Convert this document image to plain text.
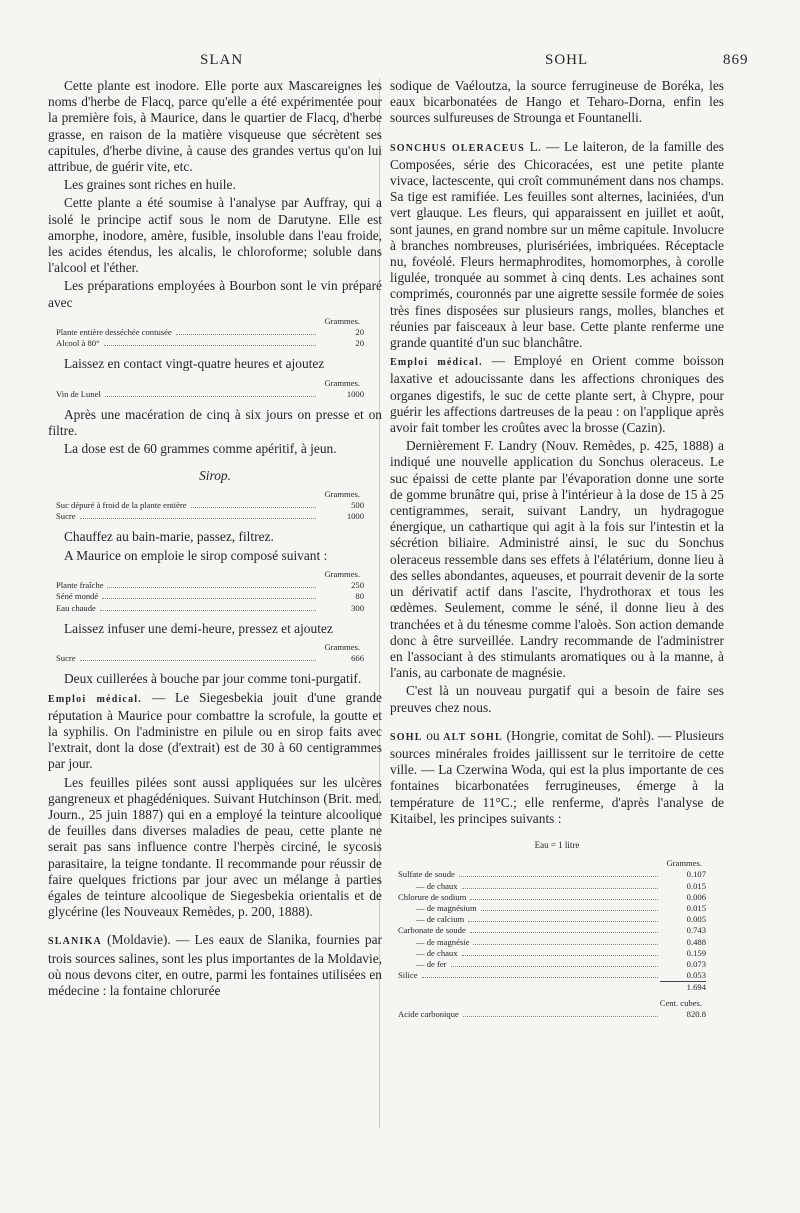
SLAN	SOHL	869

Cette plante est inodore. Elle porte aux Mascareignes les noms d'herbe de Flacq, parce qu'elle a été expérimentée pour la première fois, à Maurice, dans le quartier de Flacq, d'herbe grasse, en raison de la matière visqueuse que sécrètent ses capitules, d'herbe divine, à cause des grandes vertus qu'on lui attribue, de guérir vite, etc.

Les graines sont riches en huile.

Cette plante a été soumise à l'analyse par Auffray, qui a isolé le principe actif sous le nom de Darutyne. Elle est amorphe, inodore, amère, fusible, insoluble dans l'eau froide, les acides étendus, les alcalis, le chloroforme; soluble dans l'alcool et l'éther.

Les préparations employées à Bourbon sont le vin préparé avec

Grammes.
Plante entière desséchée contusée	20
Alcool à 80°	20

Laissez en contact vingt-quatre heures et ajoutez

Grammes.
Vin de Lunel	1000

Après une macération de cinq à six jours on presse et on filtre.

La dose est de 60 grammes comme apéritif, à jeun.

Sirop.

Grammes.
Suc dépuré à froid de la plante entière	500
Sucre	1000

Chauffez au bain-marie, passez, filtrez.

A Maurice on emploie le sirop composé suivant :

Grammes.
Plante fraîche	250
Séné mondé	80
Eau chaude	300

Laissez infuser une demi-heure, pressez et ajoutez

Grammes.
Sucre	666

Deux cuillerées à bouche par jour comme toni-purgatif.

Emploi médical. — Le Siegesbekia jouit d'une grande réputation à Maurice pour combattre la scrofule, la goutte et la syphilis. On l'administre en pilule ou en sirop faits avec l'extrait, dont la dose (d'extrait) est de 30 à 60 centigrammes par jour.

Les feuilles pilées sont aussi appliquées sur les ulcères gangreneux et phagédéniques. Suivant Hutchinson (Brit. med. Journ., 25 juin 1887) qui en a employé la teinture alcoolique de feuilles dans diverses maladies de peau, cette plante ne serait pas sans influence contre l'herpès circiné, le sycosis parasitaire, la teigne tondante. Il recommande pour réussir de faire quelques frictions par jour avec un mélange à parties égales de teinture alcoolique de Siegesbekia orientalis et de glycérine (les Nouveaux Remèdes, p. 200, 1888).

SLANIKA (Moldavie). — Les eaux de Slanika, fournies par trois sources salines, sont les plus importantes de la Moldavie, où nous devons citer, en outre, parmi les fontaines utilisées en médecine : la fontaine chlorurée

sodique de Vaéloutza, la source ferrugineuse de Boréka, les eaux bicarbonatées de Hango et Teharo-Dorna, enfin les sources sulfureuses de Strounga et Fountanelli.

SONCHUS OLERACEUS L. — Le laiteron, de la famille des Composées, série des Chicoracées, est une petite plante vivace, lactescente, qui croît communément dans nos champs. Sa tige est ramifiée. Les feuilles sont alternes, laciniées, d'un vert glauque. Les fleurs, qui apparaissent en juillet et août, sont jaunes, en grand nombre sur un même capitule. Involucre à branches nombreuses, plurisériées, imbriquées. Réceptacle nu, fovéolé. Fleurs hermaphrodites, homomorphes, à corolle ligulée, tronquée au sommet à cinq dents. Les achaines sont comprimés, couronnés par une aigrette sessile formée de soies très fines disposées sur plusieurs rangs, molles, blanches et réunies par faisceaux à leur base. Cette plante renferme une grande quantité d'un suc blanchâtre.

Emploi médical. — Employé en Orient comme boisson laxative et adoucissante dans les affections chroniques des organes digestifs, le suc de cette plante sert, à Chypre, pour guérir les affections dartreuses de la peau : on l'applique après avoir fait tomber les croûtes avec la brosse (Cazin).

Dernièrement F. Landry (Nouv. Remèdes, p. 425, 1888) a indiqué une nouvelle application du Sonchus oleraceus. Le suc épaissi de cette plante par l'évaporation donne une sorte de gomme brunâtre qui, prise à l'intérieur à la dose de 15 à 25 centigrammes, serait, suivant Landry, un hydragogue énergique, un cathartique qui agit à la fois sur l'intestin et la sécrétion biliaire. Administré ainsi, le suc du Sonchus oleraceus ressemble dans ses effets à l'élatérium, donne lieu à des selles abondantes, aqueuses, et pourrait devenir de la sorte un dérivatif actif dans l'ascite, l'hydrothorax et tous les œdèmes. Seulement, comme le séné, il donne lieu à des tranchées et à du ténesme comme l'aloès. Son action demande donc à être surveillée. Landry recommande de l'administrer en l'associant à des stimulants aromatiques ou à la manne, à l'anis, au carbonate de magnésie.

C'est là un nouveau purgatif qui a besoin de faire ses preuves chez nous.

SOHL ou ALT SOHL (Hongrie, comitat de Sohl). — Plusieurs sources minérales froides jaillissent sur le territoire de cette ville. — La Czerwina Woda, qui est la plus importante de ces fontaines bicarbonatées ferrugineuses, émerge à la température de 11°C.; elle renferme, d'après l'analyse de Kitaibel, les principes suivants :

Eau = 1 litre

Grammes.
Sulfate de soude	0.107
— de chaux	0.015
Chlorure de sodium	0.006
— de magnésium	0.015
— de calcium	0.005
Carbonate de soude	0.743
— de magnésie	0.488
— de chaux	0.159
— de fer	0.073
Silice	0.053
1.694
Cent. cubes.
Acide carbonique	820.8
